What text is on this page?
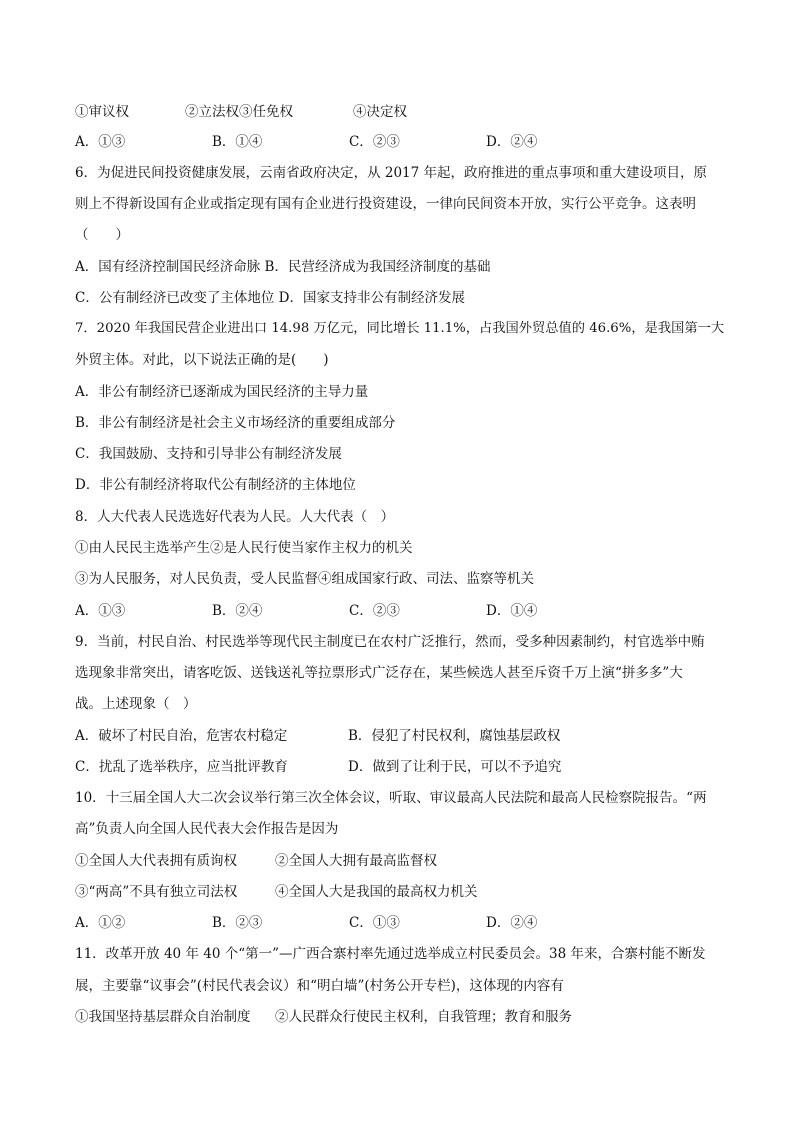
①审议权	②立法权③任免权	④决定权
A．①③	B．①④	C．②③	D．②④
6．为促进民间投资健康发展，云南省政府决定，从 2017 年起，政府推进的重点事项和重大建设项目，原
则上不得新设国有企业或指定现有国有企业进行投资建设，一律向民间资本开放，实行公平竞争。这表明
（　　）
A．国有经济控制国民经济命脉 B．民营经济成为我国经济制度的基础
C．公有制经济已改变了主体地位 D．国家支持非公有制经济发展
7．2020 年我国民营企业进出口 14.98 万亿元，同比增长 11.1%，占我国外贸总值的 46.6%，是我国第一大
外贸主体。对此，以下说法正确的是(　　)
A．非公有制经济已逐渐成为国民经济的主导力量
B．非公有制经济是社会主义市场经济的重要组成部分
C．我国鼓励、支持和引导非公有制经济发展
D．非公有制经济将取代公有制经济的主体地位
8．人大代表人民选选好代表为人民。人大代表（　）
①由人民民主选举产生②是人民行使当家作主权力的机关
③为人民服务，对人民负责，受人民监督④组成国家行政、司法、监察等机关
A．①③	B．②④	C．②③	D．①④
9．当前，村民自治、村民选举等现代民主制度已在农村广泛推行，然而，受多种因素制约，村官选举中贿
选现象非常突出，请客吃饭、送钱送礼等拉票形式广泛存在，某些候选人甚至斥资千万上演“拼多多”大
战。上述现象（　）
A．破坏了村民自治，危害农村稳定	B．侵犯了村民权利，腐蚀基层政权
C．扰乱了选举秩序，应当批评教育	D．做到了让利于民，可以不予追究
10．十三届全国人大二次会议举行第三次全体会议，听取、审议最高人民法院和最高人民检察院报告。“两
高”负责人向全国人民代表大会作报告是因为
①全国人大代表拥有质询权	②全国人大拥有最高监督权
③“两高”不具有独立司法权	④全国人大是我国的最高权力机关
A．①②	B．②③	C．①③	D．②④
11．改革开放 40 年 40 个“第一”—广西合寨村率先通过选举成立村民委员会。38 年来，合寨村能不断发
展，主要靠“议事会”(村民代表会议）和“明白墙”(村务公开专栏)，这体现的内容有
①我国坚持基层群众自治制度 ②人民群众行使民主权利，自我管理；教育和服务
